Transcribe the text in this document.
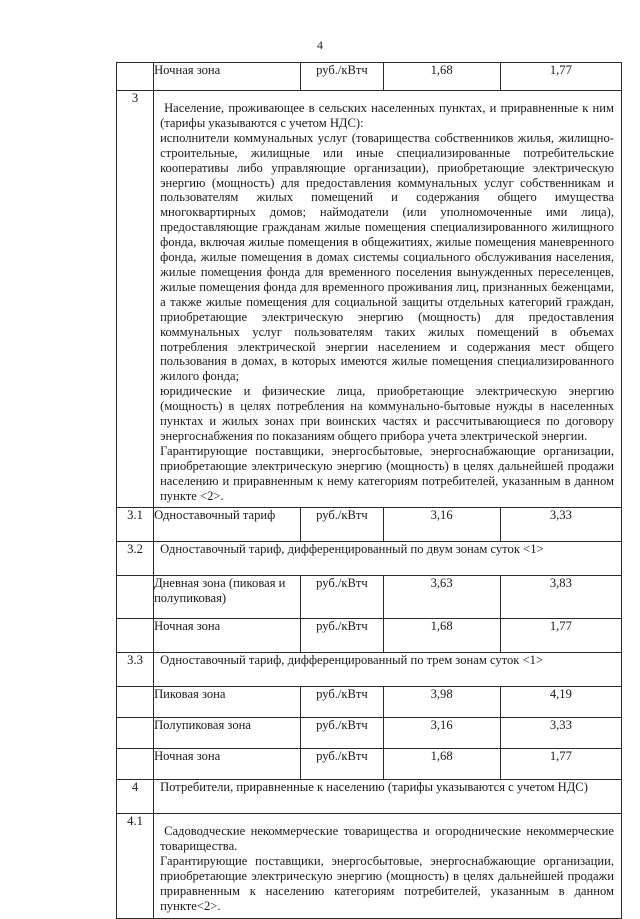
4
	Ночная зона	руб./кВтч	1,68	1,77
3	Население, проживающее в сельских населенных пунктах, и приравненные к ним (тарифы указываются с учетом НДС):

исполнители коммунальных услуг (товарищества собственников жилья, жилищно-строительные, жилищные или иные специализированные потребительские кооперативы либо управляющие организации), приобретающие электрическую энергию (мощность) для предоставления коммунальных услуг собственникам и пользователям жилых помещений и содержания общего имущества многоквартирных домов; наймодатели (или уполномоченные ими лица), предоставляющие гражданам жилые помещения специализированного жилищного фонда, включая жилые помещения в общежитиях, жилые помещения маневренного фонда, жилые помещения в домах системы социального обслуживания населения, жилые помещения фонда для временного поселения вынужденных переселенцев, жилые помещения фонда для временного проживания лиц, признанных беженцами, а также жилые помещения для социальной защиты отдельных категорий граждан, приобретающие электрическую энергию (мощность) для предоставления коммунальных услуг пользователям таких жилых помещений в объемах потребления электрической энергии населением и содержания мест общего пользования в домах, в которых имеются жилые помещения специализированного жилого фонда;

юридические и физические лица, приобретающие электрическую энергию (мощность) в целях потребления на коммунально-бытовые нужды в населенных пунктах и жилых зонах при воинских частях и рассчитывающиеся по договору энергоснабжения по показаниям общего прибора учета электрической энергии.

Гарантирующие поставщики, энергосбытовые, энергоснабжающие организации, приобретающие электрическую энергию (мощность) в целях дальнейшей продажи населению и приравненным к нему категориям потребителей, указанным в данном пункте <2>.			

3.1	Одноставочный тариф	руб./кВтч	3,16	3,33
3.2	Одноставочный тариф, дифференцированный по двум зонам суток <1>			
	Дневная зона (пиковая и полупиковая)	руб./кВтч	3,63	3,83
	Ночная зона	руб./кВтч	1,68	1,77
3.3	Одноставочный тариф, дифференцированный по трем зонам суток <1>			
	Пиковая зона	руб./кВтч	3,98	4,19
	Полупиковая зона	руб./кВтч	3,16	3,33
	Ночная зона	руб./кВтч	1,68	1,77
4	Потребители, приравненные к населению (тарифы указываются с учетом НДС)			
4.1	Садоводческие некоммерческие товарищества и огороднические некоммерческие товарищества.

Гарантирующие поставщики, энергосбытовые, энергоснабжающие организации, приобретающие электрическую энергию (мощность) в целях дальнейшей продажи приравненным к населению категориям потребителей, указанным в данном пункте<2>.			
